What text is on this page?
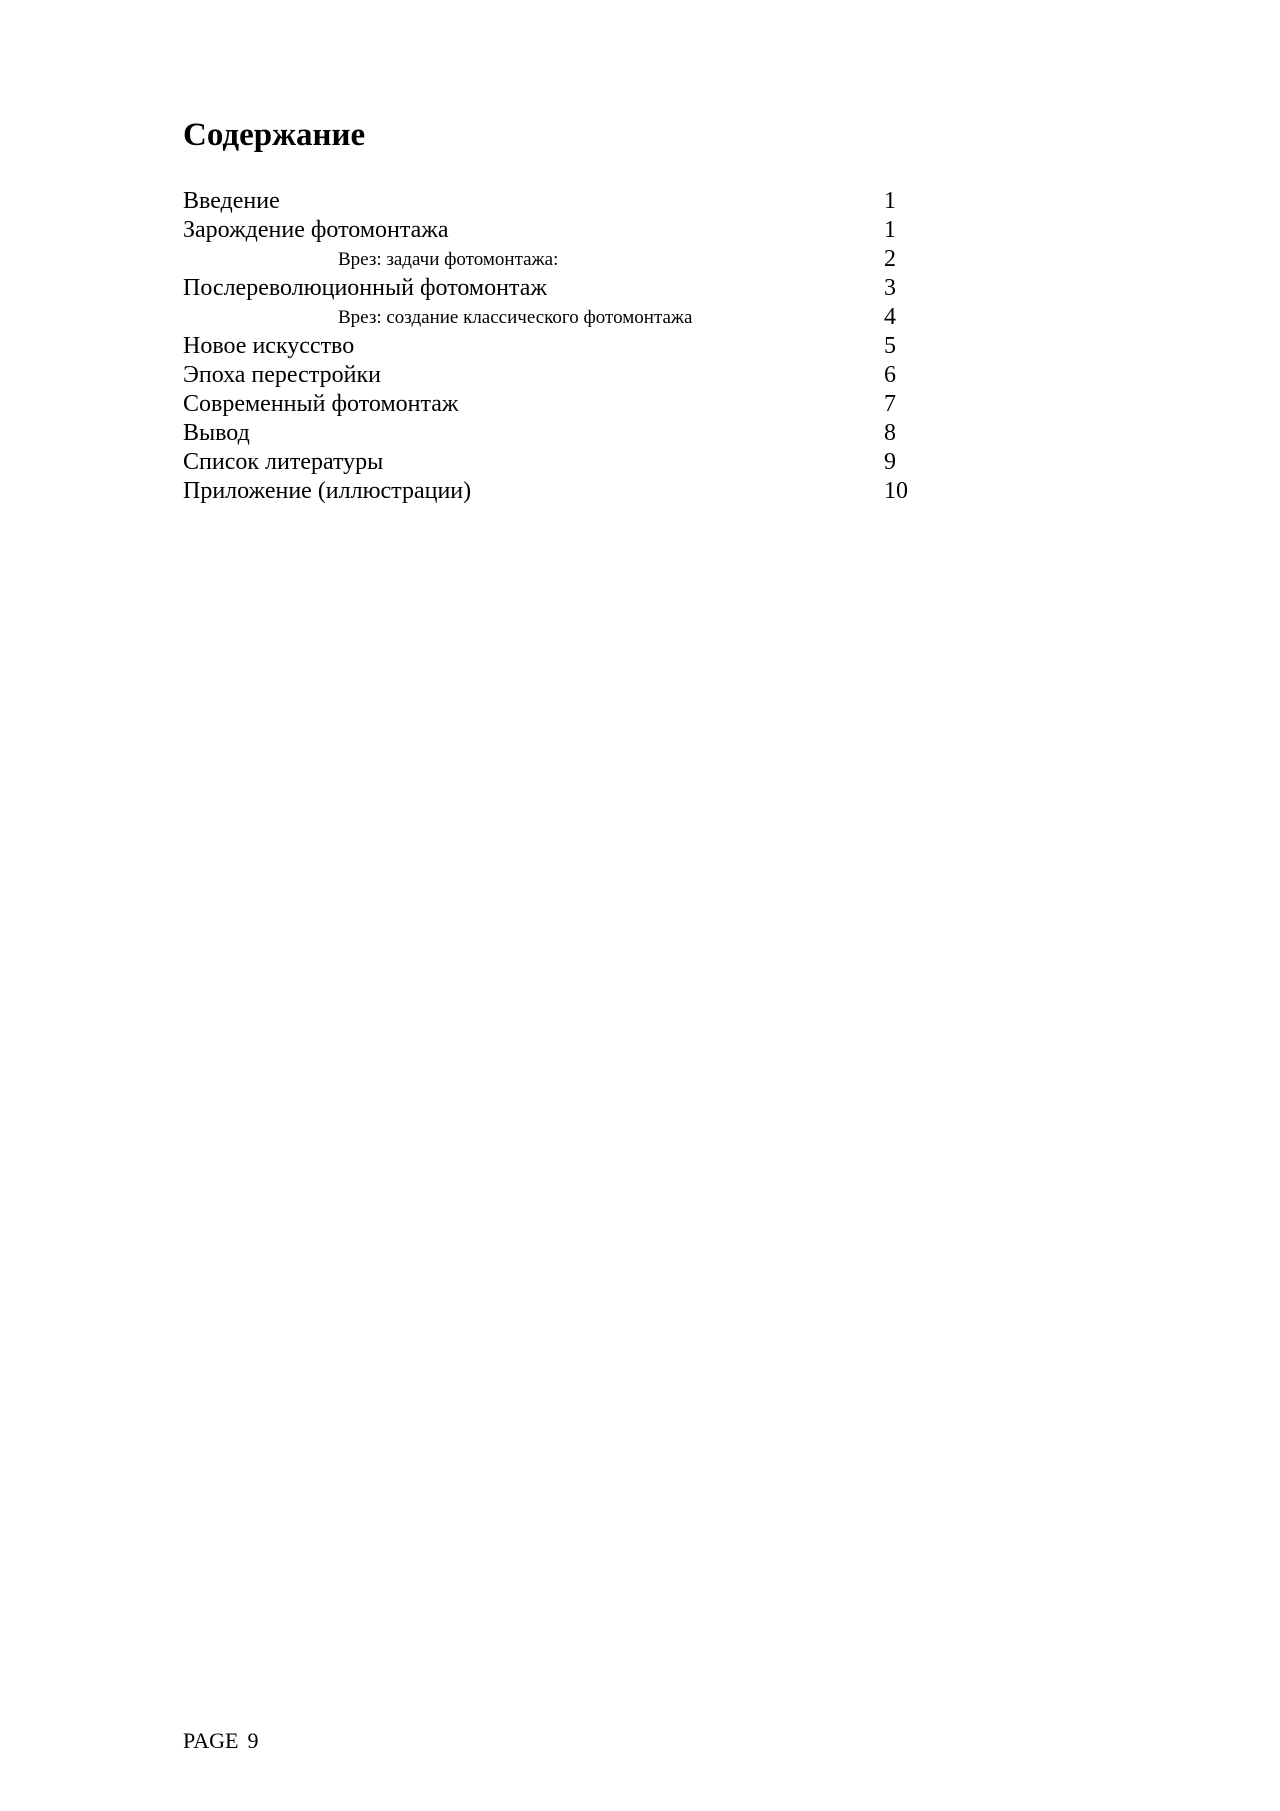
Содержание
Введение	1
Зарождение фотомонтажа	1
Врез: задачи фотомонтажа:	2
Послереволюционный фотомонтаж	3
Врез: создание классического фотомонтажа	4
Новое искусство	5
Эпоха перестройки	6
Современный фотомонтаж	7
Вывод	8
Список литературы	9
Приложение (иллюстрации)	10
PAGE 9
